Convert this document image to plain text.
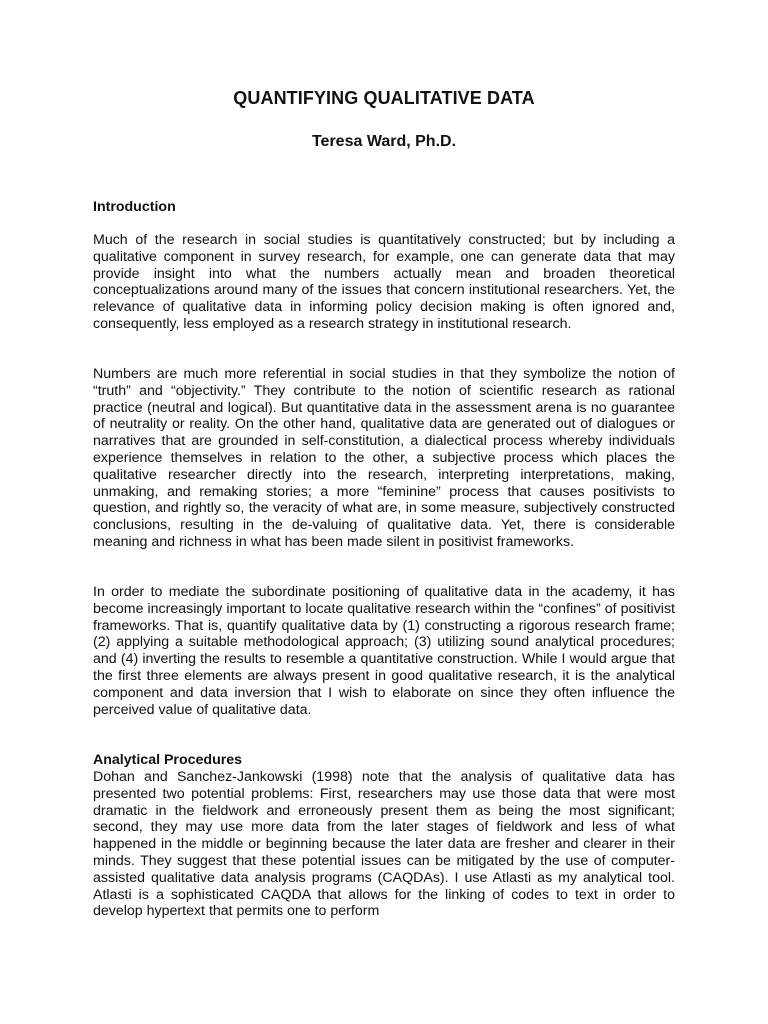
QUANTIFYING QUALITATIVE DATA
Teresa Ward, Ph.D.
Introduction

Much of the research in social studies is quantitatively constructed; but by including a qualitative component in survey research, for example, one can generate data that may provide insight into what the numbers actually mean and broaden theoretical conceptualizations around many of the issues that concern institutional researchers. Yet, the relevance of qualitative data in informing policy decision making is often ignored and, consequently, less employed as a research strategy in institutional research.

Numbers are much more referential in social studies in that they symbolize the notion of “truth” and “objectivity.” They contribute to the notion of scientific research as rational practice (neutral and logical). But quantitative data in the assessment arena is no guarantee of neutrality or reality. On the other hand, qualitative data are generated out of dialogues or narratives that are grounded in self-constitution, a dialectical process whereby individuals experience themselves in relation to the other, a subjective process which places the qualitative researcher directly into the research, interpreting interpretations, making, unmaking, and remaking stories; a more “feminine” process that causes positivists to question, and rightly so, the veracity of what are, in some measure, subjectively constructed conclusions, resulting in the de-valuing of qualitative data. Yet, there is considerable meaning and richness in what has been made silent in positivist frameworks.

In order to mediate the subordinate positioning of qualitative data in the academy, it has become increasingly important to locate qualitative research within the “confines” of positivist frameworks. That is, quantify qualitative data by (1) constructing a rigorous research frame; (2) applying a suitable methodological approach; (3) utilizing sound analytical procedures; and (4) inverting the results to resemble a quantitative construction. While I would argue that the first three elements are always present in good qualitative research, it is the analytical component and data inversion that I wish to elaborate on since they often influence the perceived value of qualitative data.

Analytical Procedures

Dohan and Sanchez-Jankowski (1998) note that the analysis of qualitative data has presented two potential problems: First, researchers may use those data that were most dramatic in the fieldwork and erroneously present them as being the most significant; second, they may use more data from the later stages of fieldwork and less of what happened in the middle or beginning because the later data are fresher and clearer in their minds. They suggest that these potential issues can be mitigated by the use of computer-assisted qualitative data analysis programs (CAQDAs). I use Atlasti as my analytical tool. Atlasti is a sophisticated CAQDA that allows for the linking of codes to text in order to develop hypertext that permits one to perform
